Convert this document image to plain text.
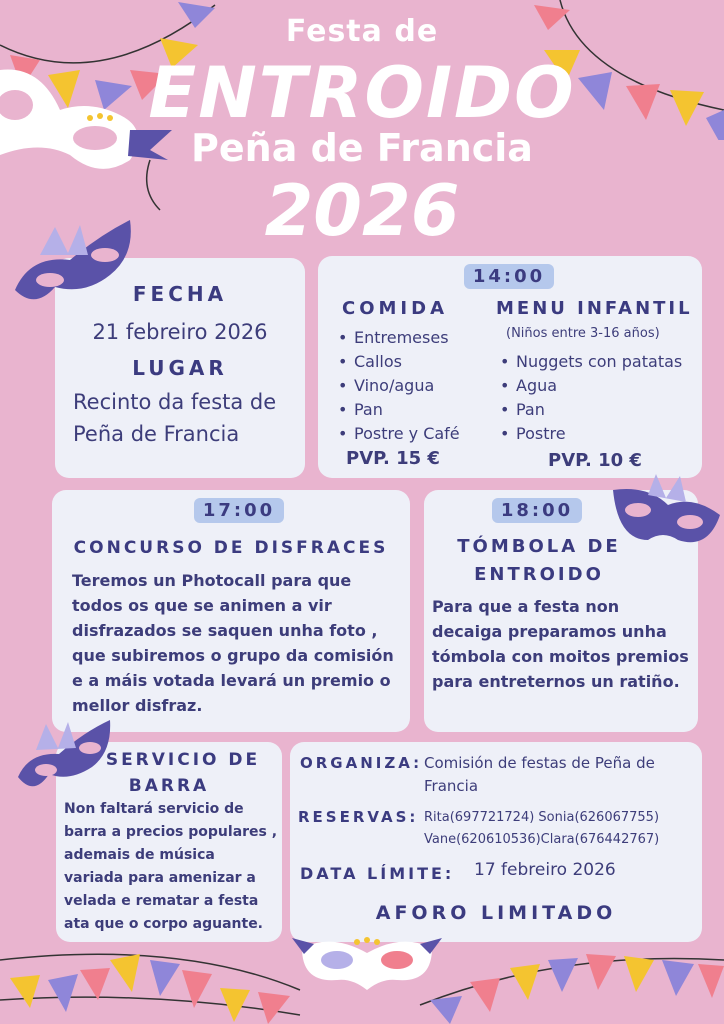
Festa de
ENTROIDO
Peña de Francia
2026
FECHA
21 febreiro 2026
LUGAR
Recinto da festa de
Peña de Francia
14:00
COMIDA
• Entremeses
• Callos
• Vino/agua
• Pan
• Postre y Café
PVP. 15 €
MENU INFANTIL
(Niños entre 3-16 años)
• Nuggets con patatas
• Agua
• Pan
• Postre
PVP. 10 €
17:00
CONCURSO DE DISFRACES
Teremos un Photocall para que todos os que se animen a vir disfrazados se saquen unha foto , que subiremos o grupo da comisión e a máis votada levará un premio o mellor disfraz.
18:00
TÓMBOLA DE
ENTROIDO
Para que a festa non decaiga preparamos unha tómbola con moitos premios para entreternos un ratiño.
SERVICIO DE
BARRA
Non faltará servicio de barra a precios populares , ademais de música variada para amenizar a velada e rematar a festa ata que o corpo aguante.
ORGANIZA: Comisión de festas de Peña de Francia
RESERVAS: Rita(697721724) Sonia(626067755)
Vane(620610536)Clara(676442767)
DATA LÍMITE: 17 febreiro 2026
AFORO LIMITADO
